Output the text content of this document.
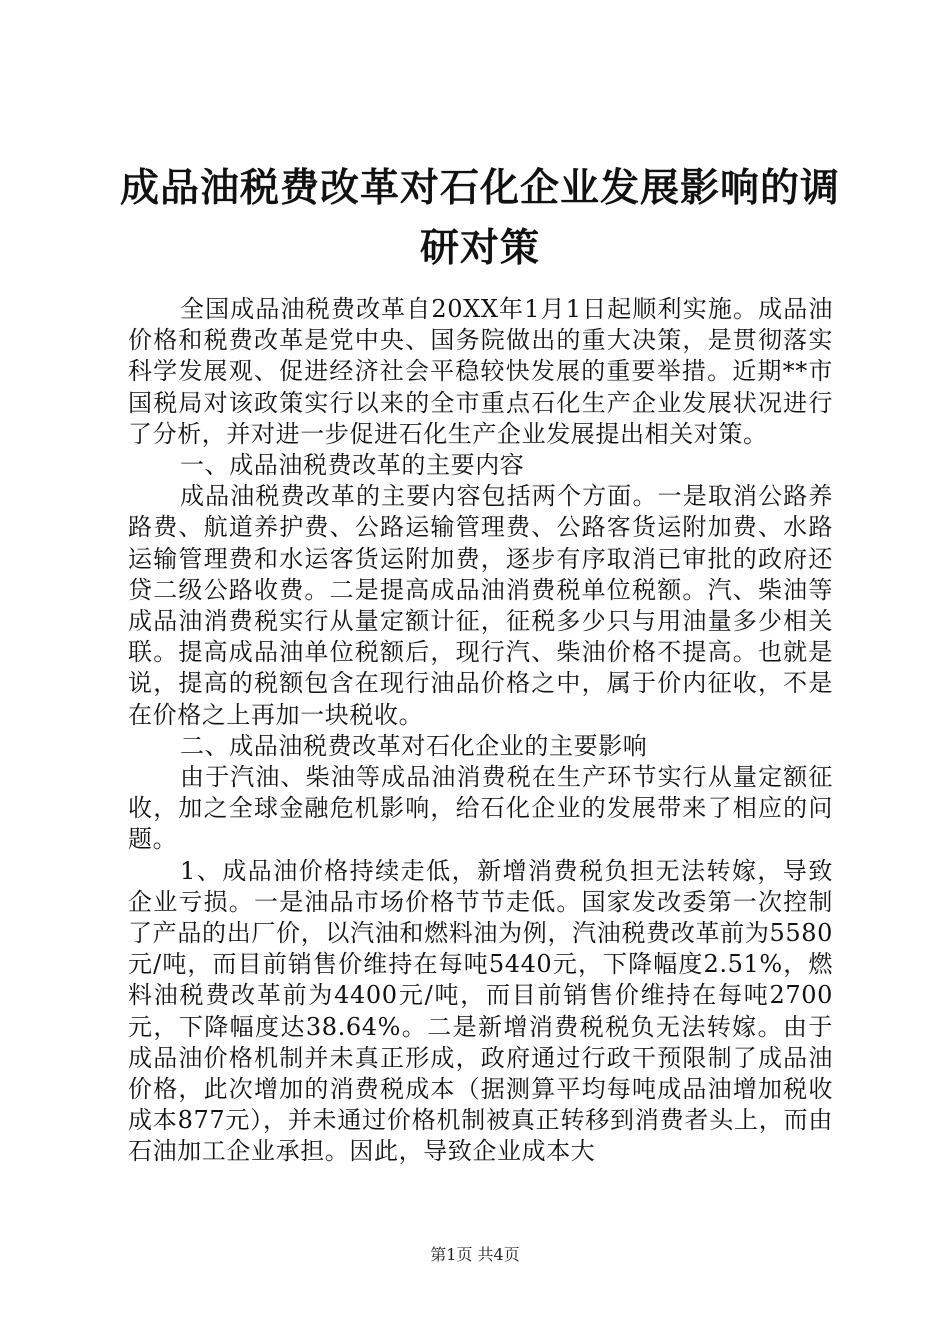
成品油税费改革对石化企业发展影响的调研对策

全国成品油税费改革自20XX年1月1日起顺利实施。成品油价格和税费改革是党中央、国务院做出的重大决策，是贯彻落实科学发展观、促进经济社会平稳较快发展的重要举措。近期**市国税局对该政策实行以来的全市重点石化生产企业发展状况进行了分析，并对进一步促进石化生产企业发展提出相关对策。

一、成品油税费改革的主要内容

成品油税费改革的主要内容包括两个方面。一是取消公路养路费、航道养护费、公路运输管理费、公路客货运附加费、水路运输管理费和水运客货运附加费，逐步有序取消已审批的政府还贷二级公路收费。二是提高成品油消费税单位税额。汽、柴油等成品油消费税实行从量定额计征，征税多少只与用油量多少相关联。提高成品油单位税额后，现行汽、柴油价格不提高。也就是说，提高的税额包含在现行油品价格之中，属于价内征收，不是在价格之上再加一块税收。

二、成品油税费改革对石化企业的主要影响

由于汽油、柴油等成品油消费税在生产环节实行从量定额征收，加之全球金融危机影响，给石化企业的发展带来了相应的问题。

1、成品油价格持续走低，新增消费税负担无法转嫁，导致企业亏损。一是油品市场价格节节走低。国家发改委第一次控制了产品的出厂价，以汽油和燃料油为例，汽油税费改革前为5580元/吨，而目前销售价维持在每吨5440元，下降幅度2.51%，燃料油税费改革前为4400元/吨，而目前销售价维持在每吨2700元，下降幅度达38.64%。二是新增消费税税负无法转嫁。由于成品油价格机制并未真正形成，政府通过行政干预限制了成品油价格，此次增加的消费税成本（据测算平均每吨成品油增加税收成本877元），并未通过价格机制被真正转移到消费者头上，而由石油加工企业承担。因此，导致企业成本大

第1页 共4页
